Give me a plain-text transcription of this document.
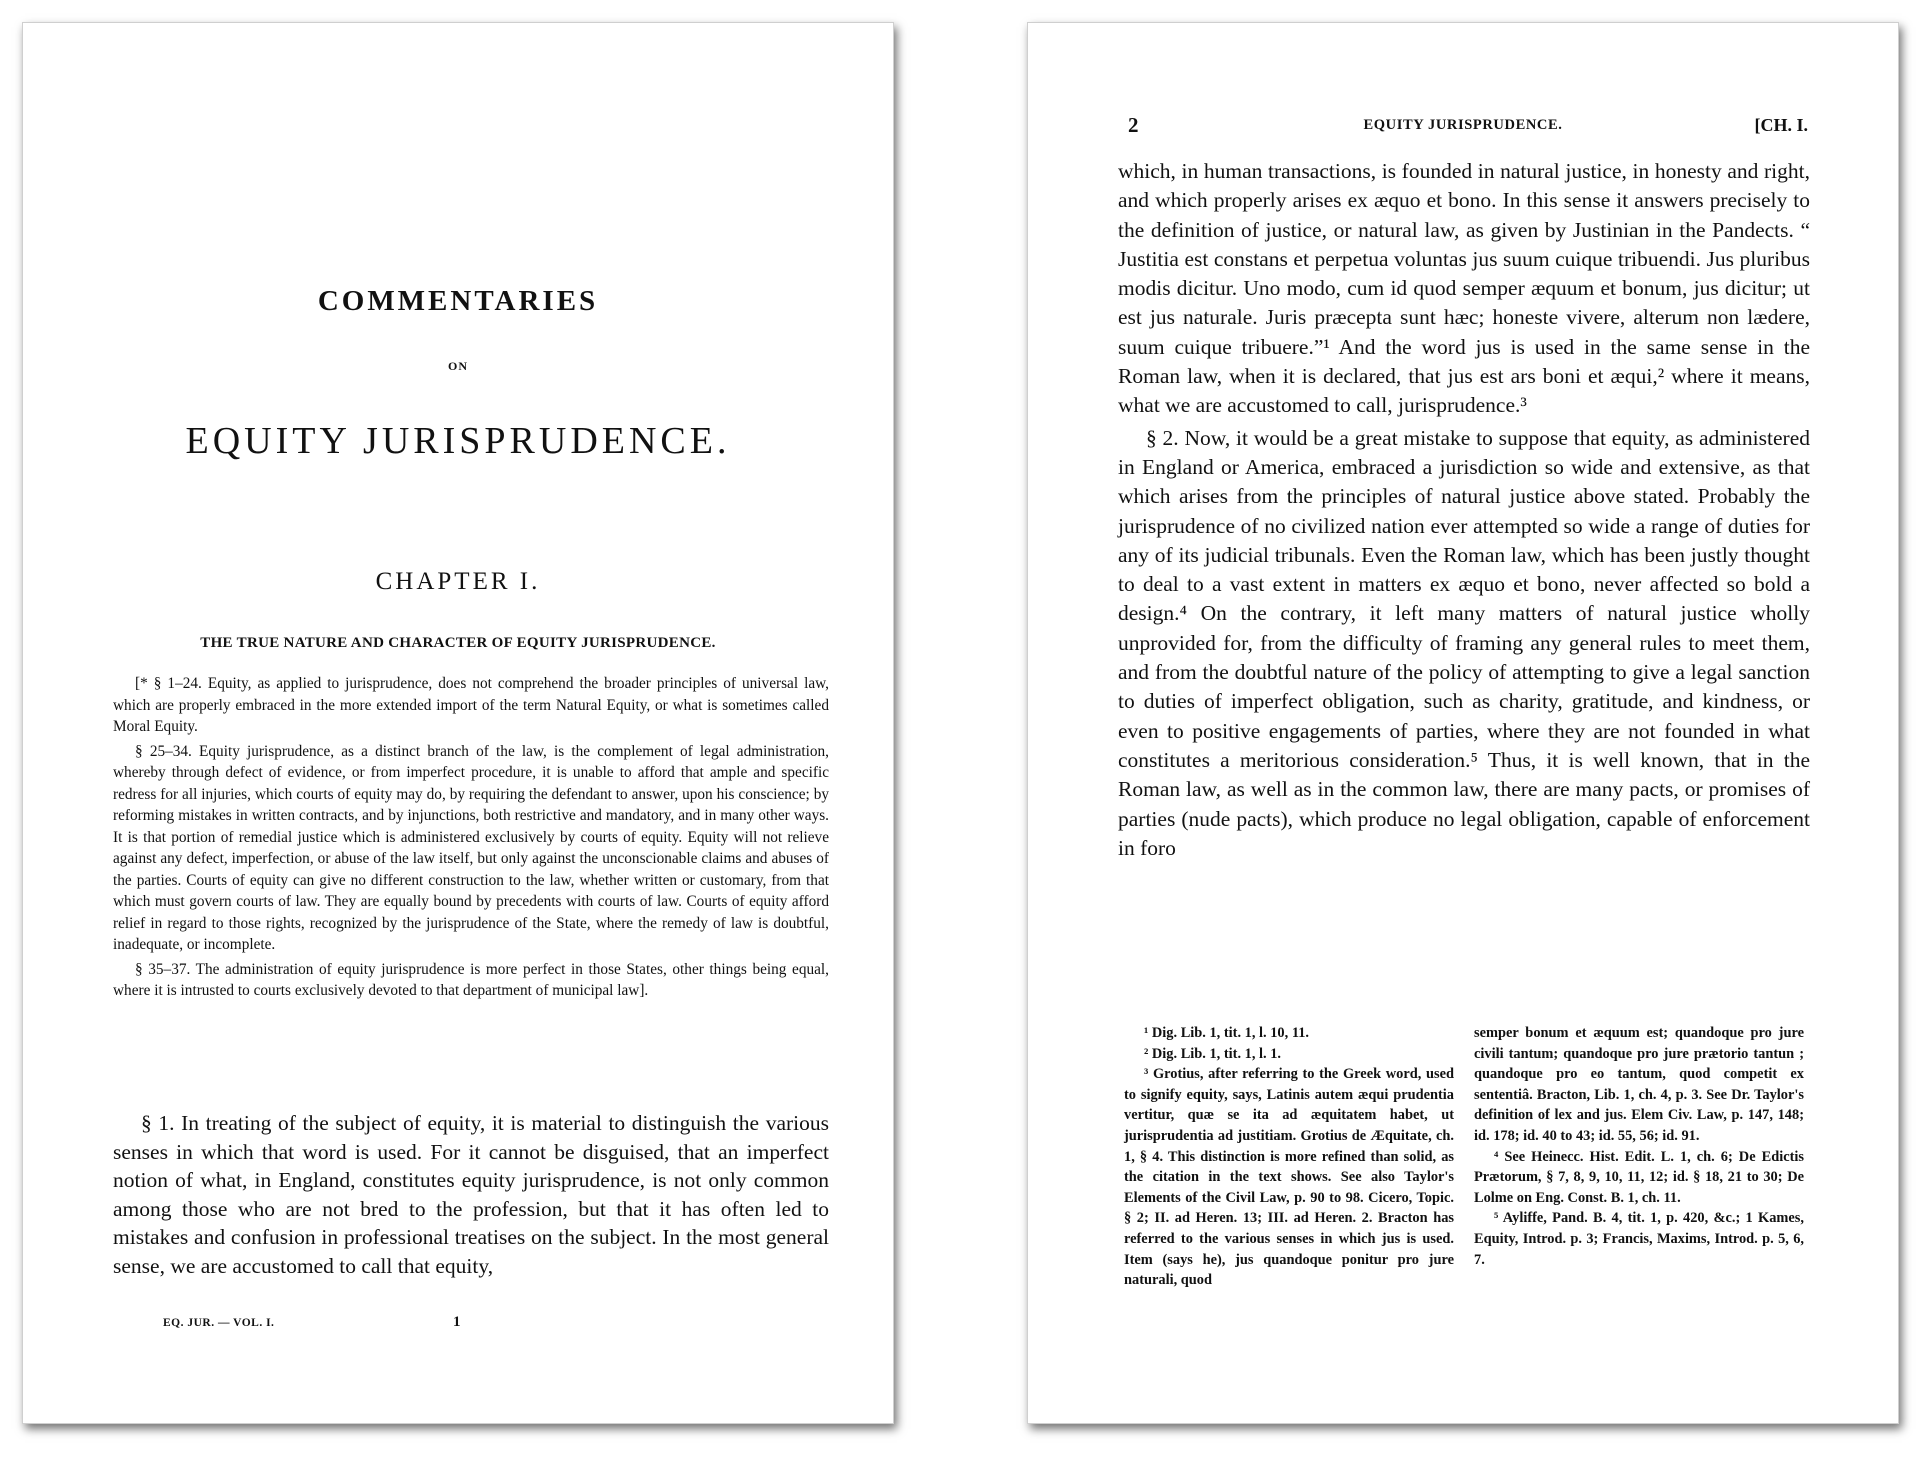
COMMENTARIES
ON
EQUITY JURISPRUDENCE.
CHAPTER I.
THE TRUE NATURE AND CHARACTER OF EQUITY JURISPRUDENCE.

[* § 1–24. Equity, as applied to jurisprudence, does not comprehend the broader principles of universal law, which are properly embraced in the more extended import of the term Natural Equity, or what is sometimes called Moral Equity.

§ 25–34. Equity jurisprudence, as a distinct branch of the law, is the complement of legal administration, whereby through defect of evidence, or from imperfect procedure, it is unable to afford that ample and specific redress for all injuries, which courts of equity may do, by requiring the defendant to answer, upon his conscience; by reforming mistakes in written contracts, and by injunctions, both restrictive and mandatory, and in many other ways. It is that portion of remedial justice which is administered exclusively by courts of equity. Equity will not relieve against any defect, imperfection, or abuse of the law itself, but only against the unconscionable claims and abuses of the parties. Courts of equity can give no different construction to the law, whether written or customary, from that which must govern courts of law. They are equally bound by precedents with courts of law. Courts of equity afford relief in regard to those rights, recognized by the jurisprudence of the State, where the remedy of law is doubtful, inadequate, or incomplete.

§ 35–37. The administration of equity jurisprudence is more perfect in those States, other things being equal, where it is intrusted to courts exclusively devoted to that department of municipal law].

§ 1. In treating of the subject of equity, it is material to distinguish the various senses in which that word is used. For it cannot be disguised, that an imperfect notion of what, in England, constitutes equity jurisprudence, is not only common among those who are not bred to the profession, but that it has often led to mistakes and confusion in professional treatises on the subject. In the most general sense, we are accustomed to call that equity,

EQ. JUR. — VOL. I.	1
2	EQUITY JURISPRUDENCE.	[CH. I.

which, in human transactions, is founded in natural justice, in honesty and right, and which properly arises ex æquo et bono. In this sense it answers precisely to the definition of justice, or natural law, as given by Justinian in the Pandects. “ Justitia est constans et perpetua voluntas jus suum cuique tribuendi. Jus pluribus modis dicitur. Uno modo, cum id quod semper æquum et bonum, jus dicitur; ut est jus naturale. Juris præcepta sunt hæc; honeste vivere, alterum non lædere, suum cuique tribuere.”¹ And the word jus is used in the same sense in the Roman law, when it is declared, that jus est ars boni et æqui,² where it means, what we are accustomed to call, jurisprudence.³

§ 2. Now, it would be a great mistake to suppose that equity, as administered in England or America, embraced a jurisdiction so wide and extensive, as that which arises from the principles of natural justice above stated. Probably the jurisprudence of no civilized nation ever attempted so wide a range of duties for any of its judicial tribunals. Even the Roman law, which has been justly thought to deal to a vast extent in matters ex æquo et bono, never affected so bold a design.⁴ On the contrary, it left many matters of natural justice wholly unprovided for, from the difficulty of framing any general rules to meet them, and from the doubtful nature of the policy of attempting to give a legal sanction to duties of imperfect obligation, such as charity, gratitude, and kindness, or even to positive engagements of parties, where they are not founded in what constitutes a meritorious consideration.⁵ Thus, it is well known, that in the Roman law, as well as in the common law, there are many pacts, or promises of parties (nude pacts), which produce no legal obligation, capable of enforcement in foro

¹ Dig. Lib. 1, tit. 1, l. 10, 11.

² Dig. Lib. 1, tit. 1, l. 1.

³ Grotius, after referring to the Greek word, used to signify equity, says, Latinis autem æqui prudentia vertitur, quæ se ita ad æquitatem habet, ut jurisprudentia ad justitiam. Grotius de Æquitate, ch. 1, § 4. This distinction is more refined than solid, as the citation in the text shows. See also Taylor's Elements of the Civil Law, p. 90 to 98. Cicero, Topic. § 2; II. ad Heren. 13; III. ad Heren. 2. Bracton has referred to the various senses in which jus is used. Item (says he), jus quandoque ponitur pro jure naturali, quod

semper bonum et æquum est; quandoque pro jure civili tantum; quandoque pro jure prætorio tantun ; quandoque pro eo tantum, quod competit ex sententiâ. Bracton, Lib. 1, ch. 4, p. 3. See Dr. Taylor's definition of lex and jus. Elem Civ. Law, p. 147, 148; id. 178; id. 40 to 43; id. 55, 56; id. 91.

⁴ See Heinecc. Hist. Edit. L. 1, ch. 6; De Edictis Prætorum, § 7, 8, 9, 10, 11, 12; id. § 18, 21 to 30; De Lolme on Eng. Const. B. 1, ch. 11.

⁵ Ayliffe, Pand. B. 4, tit. 1, p. 420, &c.; 1 Kames, Equity, Introd. p. 3; Francis, Maxims, Introd. p. 5, 6, 7.
